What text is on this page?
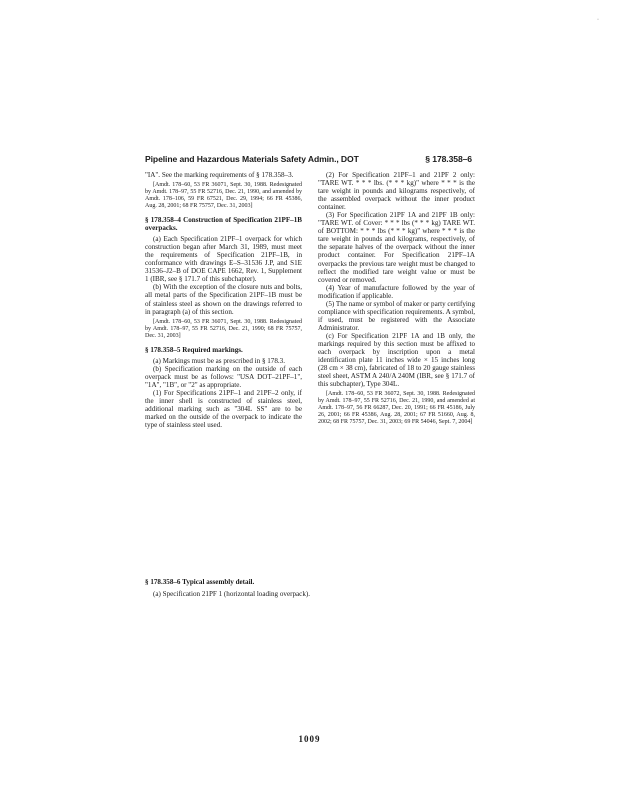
·
Pipeline and Hazardous Materials Safety Admin., DOT	§ 178.358–6

"IA". See the marking requirements of § 178.358–3.

[Amdt. 178–60, 53 FR 36071, Sept. 30, 1988. Redesignated by Amdt. 178–97, 55 FR 52716, Dec. 21, 1990, and amended by Amdt. 178–106, 59 FR 67521, Dec. 29, 1994; 66 FR 45386, Aug. 28, 2001; 68 FR 75757, Dec. 31, 2003]

§ 178.358–4 Construction of Specification 21PF–1B overpacks.

(a) Each Specification 21PF–1 overpack for which construction began after March 31, 1989, must meet the requirements of Specification 21PF–1B, in conformance with drawings E–S–31536 J.P, and S1E 31536–J2–B of DOE CAPE 1662, Rev. 1, Supplement 1 (IBR, see § 171.7 of this subchapter).

(b) With the exception of the closure nuts and bolts, all metal parts of the Specification 21PF–1B must be of stainless steel as shown on the drawings referred to in paragraph (a) of this section.

[Amdt. 178–60, 53 FR 36071, Sept. 30, 1988. Redesignated by Amdt. 178–97, 55 FR 52716, Dec. 21, 1990; 68 FR 75757, Dec. 31, 2003]

§ 178.358–5 Required markings.

(a) Markings must be as prescribed in § 178.3.

(b) Specification marking on the outside of each overpack must be as follows: "USA DOT–21PF–1", "1A", "1B", or "2" as appropriate.

(1) For Specifications 21PF–1 and 21PF–2 only, if the inner shell is constructed of stainless steel, additional marking such as "304L SS" are to be marked on the outside of the overpack to indicate the type of stainless steel used.

(2) For Specification 21PF–1 and 21PF 2 only: "TARE WT. * * * lbs. (* * * kg)" where * * * is the tare weight in pounds and kilograms respectively, of the assembled overpack without the inner product container.

(3) For Specification 21PF 1A and 21PF 1B only: "TARE WT. of Cover: * * * lbs (* * * kg) TARE WT. of BOTTOM: * * * lbs (* * * kg)" where * * * is the tare weight in pounds and kilograms, respectively, of the separate halves of the overpack without the inner product container. For Specification 21PF–1A overpacks the previous tare weight must be changed to reflect the modified tare weight value or must be covered or removed.

(4) Year of manufacture followed by the year of modification if applicable.

(5) The name or symbol of maker or party certifying compliance with specification requirements. A symbol, if used, must be registered with the Associate Administrator.

(c) For Specification 21PF 1A and 1B only, the markings required by this section must be affixed to each overpack by inscription upon a metal identification plate 11 inches wide × 15 inches long (28 cm × 38 cm), fabricated of 18 to 20 gauge stainless steel sheet, ASTM A 240/A 240M (IBR, see § 171.7 of this subchapter), Type 304L.

[Amdt. 178–60, 53 FR 36072, Sept. 30, 1988. Redesignated by Amdt. 178–97, 55 FR 52716, Dec. 21, 1990, and amended at Amdt. 178–97, 56 FR 66287, Dec. 20, 1991; 66 FR 45186, July 26, 2001; 66 FR 45386, Aug. 28, 2001; 67 FR 51660, Aug. 8, 2002; 68 FR 75757, Dec. 31, 2003; 69 FR 54046, Sept. 7, 2004]

§ 178.358–6 Typical assembly detail.

(a) Specification 21PF 1 (horizontal loading overpack).

1009
